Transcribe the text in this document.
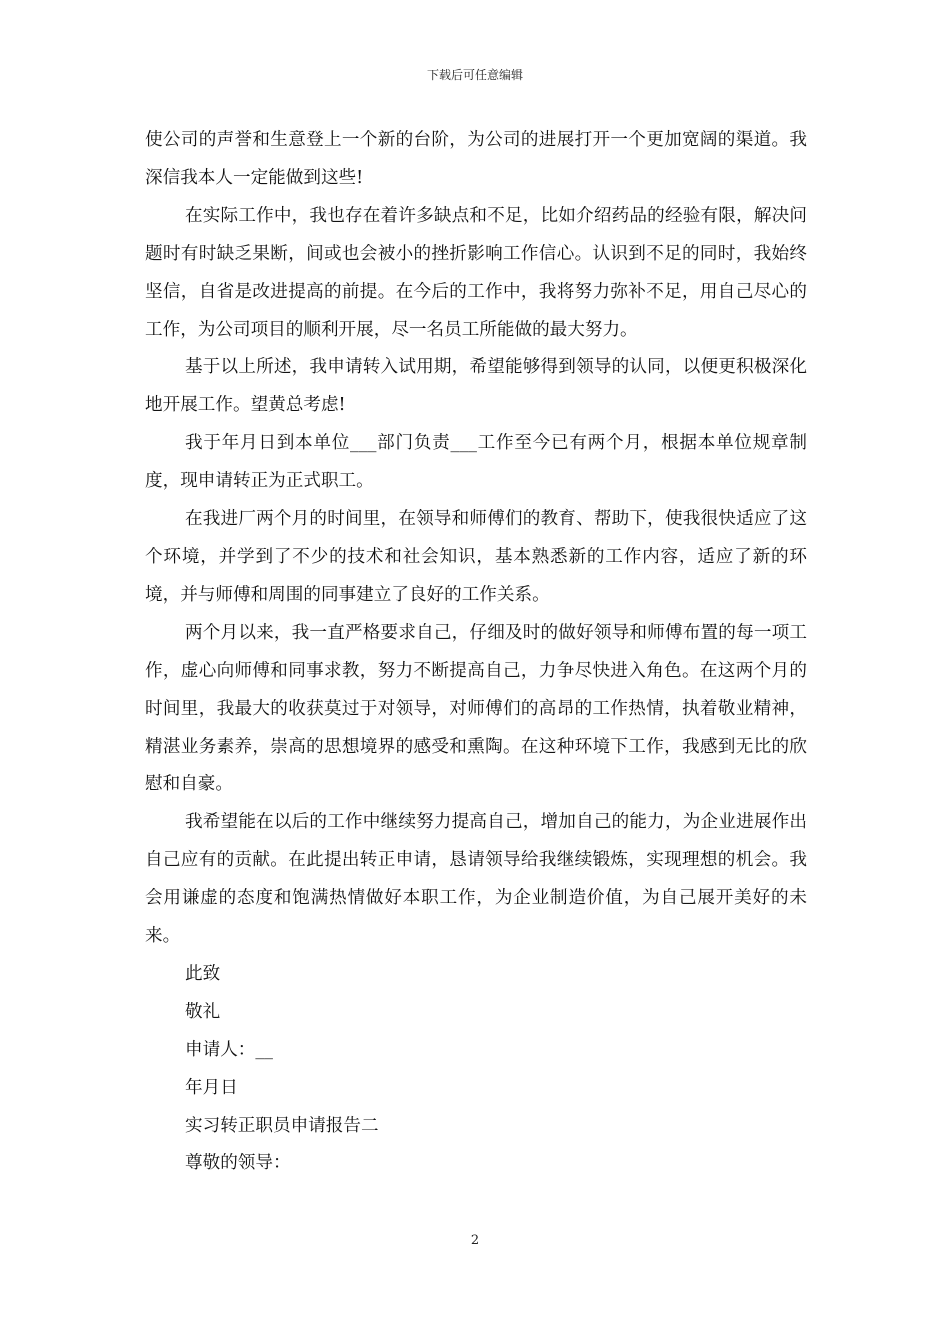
下载后可任意编辑

使公司的声誉和生意登上一个新的台阶，为公司的进展打开一个更加宽阔的渠道。我深信我本人一定能做到这些!

在实际工作中，我也存在着许多缺点和不足，比如介绍药品的经验有限，解决问题时有时缺乏果断，间或也会被小的挫折影响工作信心。认识到不足的同时，我始终坚信，自省是改进提高的前提。在今后的工作中，我将努力弥补不足，用自己尽心的工作，为公司项目的顺利开展，尽一名员工所能做的最大努力。

基于以上所述，我申请转入试用期，希望能够得到领导的认同，以便更积极深化地开展工作。望黄总考虑!

我于年月日到本单位___部门负责___工作至今已有两个月，根据本单位规章制度，现申请转正为正式职工。

在我进厂两个月的时间里，在领导和师傅们的教育、帮助下，使我很快适应了这个环境，并学到了不少的技术和社会知识，基本熟悉新的工作内容，适应了新的环境，并与师傅和周围的同事建立了良好的工作关系。

两个月以来，我一直严格要求自己，仔细及时的做好领导和师傅布置的每一项工作，虚心向师傅和同事求教，努力不断提高自己，力争尽快进入角色。在这两个月的时间里，我最大的收获莫过于对领导，对师傅们的高昂的工作热情，执着敬业精神，精湛业务素养，崇高的思想境界的感受和熏陶。在这种环境下工作，我感到无比的欣慰和自豪。

我希望能在以后的工作中继续努力提高自己，增加自己的能力，为企业进展作出自己应有的贡献。在此提出转正申请，恳请领导给我继续锻炼，实现理想的机会。我会用谦虚的态度和饱满热情做好本职工作，为企业制造价值，为自己展开美好的未来。

此致

敬礼

申请人：__

年月日

实习转正职员申请报告二

尊敬的领导：

2
